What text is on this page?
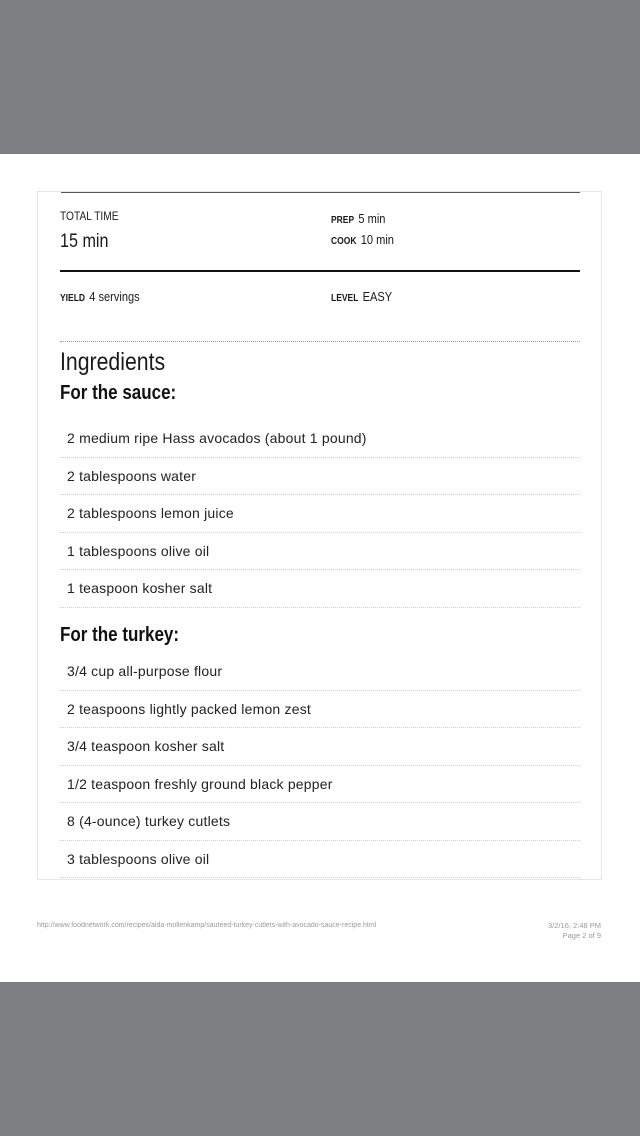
TOTAL TIME
15 min
PREP 5 min
COOK 10 min
YIELD 4 servings	LEVEL EASY
Ingredients
For the sauce:
2 medium ripe Hass avocados (about 1 pound)
2 tablespoons water
2 tablespoons lemon juice
1 tablespoons olive oil
1 teaspoon kosher salt
For the turkey:
3/4 cup all-purpose flour
2 teaspoons lightly packed lemon zest
3/4 teaspoon kosher salt
1/2 teaspoon freshly ground black pepper
8 (4-ounce) turkey cutlets
3 tablespoons olive oil
http://www.foodnetwork.com/recipes/aida-mollenkamp/sauteed-turkey-cutlets-with-avocado-sauce-recipe.html	3/2/16, 2:48 PM
Page 2 of 9
